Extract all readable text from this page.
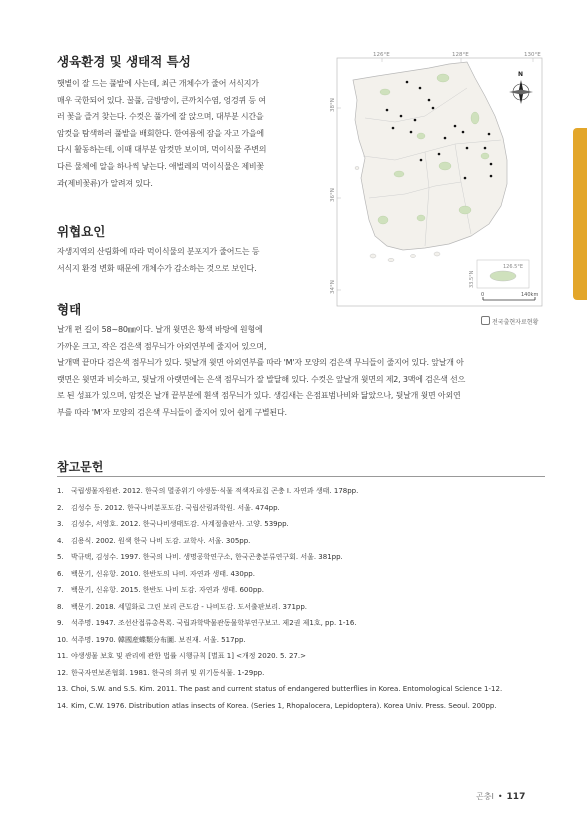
생육환경 및 생태적 특성
햇볕이 잘 드는 풀밭에 사는데, 최근 개체수가 줄어 서식지가
매우 국한되어 있다. 꿀풀, 금방망이, 큰까치수염, 엉겅퀴 등 여
러 꽃을 즐겨 찾는다. 수컷은 풀가에 잘 앉으며, 대부분 시간을
암컷을 탐색하러 풀밭을 배회한다. 한여름에 잠을 자고 가을에
다시 활동하는데, 이때 대부분 암컷만 보이며, 먹이식물 주변의
다른 물체에 알을 하나씩 낳는다. 애벌레의 먹이식물은 제비꽃
과(제비꽃류)가 알려져 있다.
위협요인
자생지역의 산림화에 따라 먹이식물의 분포지가 줄어드는 등
서식지 환경 변화 때문에 개체수가 감소하는 것으로 보인다.
형태
날개 편 길이 58~80㎜이다. 날개 윗면은 황색 바탕에 원형에
가까운 크고, 작은 검은색 점무늬가 아외연부에 줄지어 있으며,
날개맥 끝마다 검은색 점무늬가 있다. 뒷날개 윗면 아외연부를 따라 'M'자 모양의 검은색 무늬들이 줄지어 있다. 앞날개 아
랫면은 윗면과 비슷하고, 뒷날개 아랫면에는 은색 점무늬가 잘 발달해 있다. 수컷은 앞날개 윗면의 제2, 3맥에 검은색 선으
로 된 성표가 있으며, 암컷은 날개 끝부분에 흰색 점무늬가 있다. 생김새는 은점표범나비와 닮았으나, 뒷날개 윗면 아외연
부를 따라 'M'자 모양의 검은색 무늬들이 줄지어 있어 쉽게 구별된다.
126°E	128°E	130°E
38°N
36°N
34°N
126.5°E
33.5°N
N
0	140km
전국출현자료현황
참고문헌
1. 국립생물자원관. 2012. 한국의 멸종위기 야생동·식물 적색자료집 곤충 I. 자연과 생태. 178pp.
2. 김성수 등. 2012. 한국나비분포도감. 국립산림과학원. 서울. 474pp.
3. 김성수, 서영호. 2012. 한국나비생태도감. 사계절출판사. 고양. 539pp.
4. 김용식. 2002. 원색 한국 나비 도감. 교학사. 서울. 305pp.
5. 박규택, 김성수. 1997. 한국의 나비. 생명공학연구소, 한국곤충분류연구회. 서울. 381pp.
6. 백문기, 신유항. 2010. 한반도의 나비. 자연과 생태. 430pp.
7. 백문기, 신유항. 2015. 한반도 나비 도감. 자연과 생태. 600pp.
8. 백문기. 2018. 세밀화로 그린 보리 큰도감 - 나비도감. 도서출판보리. 371pp.
9. 석주명. 1947. 조선산접류총목록. 국립과학박물관동물학부연구보고. 제2권 제1호, pp. 1-16.
10. 석주명. 1970. 韓國産蝶類分布圖. 보진재. 서울. 517pp.
11. 야생생물 보호 및 관리에 관한 법률 시행규칙 [별표 1] <개정 2020. 5. 27.>
12. 한국자연보존협회. 1981. 한국의 희귀 및 위기동식물. 1-29pp.
13. Choi, S.W. and S.S. Kim. 2011. The past and current status of endangered butterflies in Korea. Entomological Science 1-12.
14. Kim, C.W. 1976. Distribution atlas insects of Korea. (Series 1, Rhopalocera, Lepidoptera). Korea Univ. Press. Seoul. 200pp.
곤충Ⅰ • 117
